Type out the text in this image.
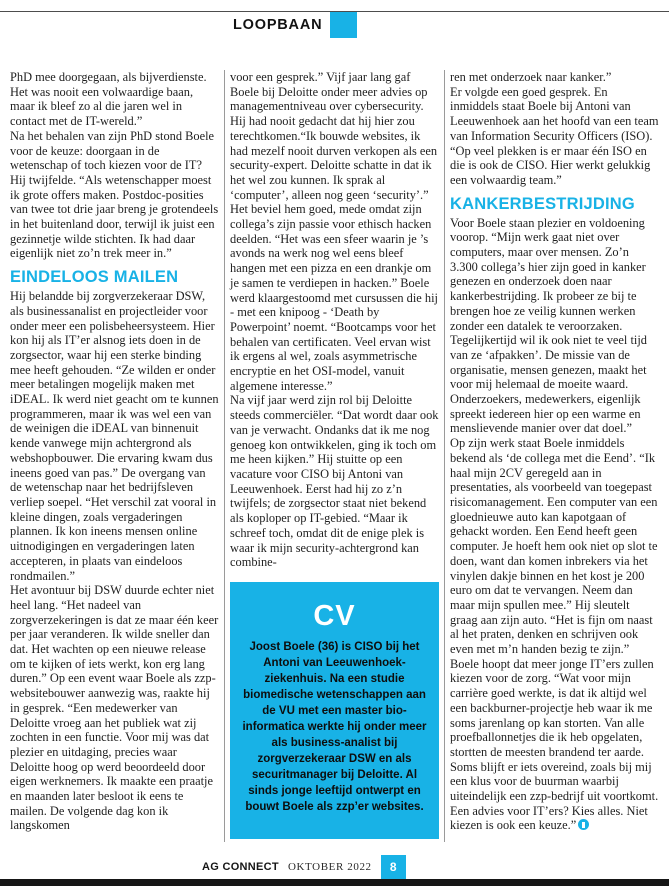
LOOPBAAN

PhD mee doorgegaan, als bijverdienste. Het was nooit een volwaardige baan, maar ik bleef zo al die jaren wel in contact met de IT-wereld.”

Na het behalen van zijn PhD stond Boele voor de keuze: doorgaan in de wetenschap of toch kiezen voor de IT? Hij twijfelde. “Als wetenschapper moest ik grote offers maken. Postdoc-posities van twee tot drie jaar breng je grotendeels in het buitenland door, terwijl ik juist een gezinnetje wilde stichten. Ik had daar eigenlijk niet zo’n trek meer in.”

EINDELOOS MAILEN

Hij belandde bij zorgverzekeraar DSW, als businessanalist en projectleider voor onder meer een polisbeheersysteem. Hier kon hij als IT’er alsnog iets doen in de zorgsector, waar hij een sterke binding mee heeft gehouden. “Ze wilden er onder meer betalingen mogelijk maken met iDEAL. Ik werd niet geacht om te kunnen programmeren, maar ik was wel een van de weinigen die iDEAL van binnenuit kende vanwege mijn achtergrond als webshopbouwer. Die ervaring kwam dus ineens goed van pas.” De overgang van de wetenschap naar het bedrijfsleven verliep soepel. “Het verschil zat vooral in kleine dingen, zoals vergaderingen plannen. Ik kon ineens mensen online uitnodigingen en vergaderingen laten accepteren, in plaats van eindeloos rondmailen.”

Het avontuur bij DSW duurde echter niet heel lang. “Het nadeel van zorgverzekeringen is dat ze maar één keer per jaar veranderen. Ik wilde sneller dan dat. Het wachten op een nieuwe release om te kijken of iets werkt, kon erg lang duren.” Op een event waar Boele als zzp-websitebouwer aanwezig was, raakte hij in gesprek. “Een medewerker van Deloitte vroeg aan het publiek wat zij zochten in een functie. Voor mij was dat plezier en uitdaging, precies waar Deloitte hoog op werd beoordeeld door eigen werknemers. Ik maakte een praatje en maanden later besloot ik eens te mailen. De volgende dag kon ik langskomen

voor een gesprek.” Vijf jaar lang gaf Boele bij Deloitte onder meer advies op managementniveau over cybersecurity. Hij had nooit gedacht dat hij hier zou terechtkomen.“Ik bouwde websites, ik had mezelf nooit durven verkopen als een security-expert. Deloitte schatte in dat ik het wel zou kunnen. Ik sprak al ‘computer’, alleen nog geen ‘security’.” Het beviel hem goed, mede omdat zijn collega’s zijn passie voor ethisch hacken deelden. “Het was een sfeer waarin je ’s avonds na werk nog wel eens bleef hangen met een pizza en een drankje om je samen te verdiepen in hacken.” Boele werd klaargestoomd met cursussen die hij - met een knipoog - ‘Death by Powerpoint’ noemt. “Bootcamps voor het behalen van certificaten. Veel ervan wist ik ergens al wel, zoals asymmetrische encryptie en het OSI-model, vanuit algemene interesse.”

Na vijf jaar werd zijn rol bij Deloitte steeds commerciëler. “Dat wordt daar ook van je verwacht. Ondanks dat ik me nog genoeg kon ontwikkelen, ging ik toch om me heen kijken.” Hij stuitte op een vacature voor CISO bij Antoni van Leeuwenhoek. Eerst had hij zo z’n twijfels; de zorgsector staat niet bekend als koploper op IT-gebied. “Maar ik schreef toch, omdat dit de enige plek is waar ik mijn security-achtergrond kan combine-

CV
Joost Boele (36) is CISO bij het Antoni van Leeuwenhoek-ziekenhuis. Na een studie biomedische wetenschappen aan de VU met een master bio-informatica werkte hij onder meer als business-analist bij zorgverzekeraar DSW en als securitmanager bij Deloitte. Al sinds jonge leeftijd ontwerpt en bouwt Boele als zzp’er websites.

ren met onderzoek naar kanker.”

Er volgde een goed gesprek. En inmiddels staat Boele bij Antoni van Leeuwenhoek aan het hoofd van een team van Information Security Officers (ISO). “Op veel plekken is er maar één ISO en die is ook de CISO. Hier werkt gelukkig een volwaardig team.”

KANKERBESTRIJDING

Voor Boele staan plezier en voldoening voorop. “Mijn werk gaat niet over computers, maar over mensen. Zo’n 3.300 collega’s hier zijn goed in kanker genezen en onderzoek doen naar kankerbestrijding. Ik probeer ze bij te brengen hoe ze veilig kunnen werken zonder een datalek te veroorzaken. Tegelijkertijd wil ik ook niet te veel tijd van ze ‘afpakken’. De missie van de organisatie, mensen genezen, maakt het voor mij helemaal de moeite waard. Onderzoekers, medewerkers, eigenlijk spreekt iedereen hier op een warme en menslievende manier over dat doel.”

Op zijn werk staat Boele inmiddels bekend als ‘de collega met die Eend’. “Ik haal mijn 2CV geregeld aan in presentaties, als voorbeeld van toegepast risicomanagement. Een computer van een gloednieuwe auto kan kapotgaan of gehackt worden. Een Eend heeft geen computer. Je hoeft hem ook niet op slot te doen, want dan komen inbrekers via het vinylen dakje binnen en het kost je 200 euro om dat te vervangen. Neem dan maar mijn spullen mee.” Hij sleutelt graag aan zijn auto. “Het is fijn om naast al het praten, denken en schrijven ook even met m’n handen bezig te zijn.” Boele hoopt dat meer jonge IT’ers zullen kiezen voor de zorg. “Wat voor mijn carrière goed werkte, is dat ik altijd wel een backburner-projectje heb waar ik me soms jarenlang op kan storten. Van alle proefballonnetjes die ik heb opgelaten, stortten de meesten brandend ter aarde. Soms blijft er iets overeind, zoals bij mij een klus voor de buurman waarbij uiteindelijk een zzp-bedrijf uit voortkomt. Een advies voor IT’ers? Kies alles. Niet kiezen is ook een keuze.”

AG CONNECT OKTOBER 2022	8
